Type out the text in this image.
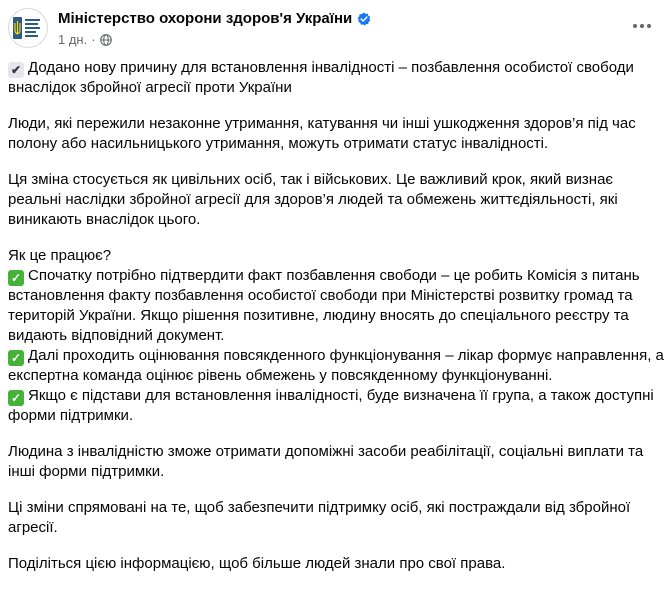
Міністерство охорони здоров'я України
1 дн. ·

✔ Додано нову причину для встановлення інвалідності – позбавлення особистої свободи внаслідок збройної агресії проти України

Люди, які пережили незаконне утримання, катування чи інші ушкодження здоров’я під час полону або насильницького утримання, можуть отримати статус інвалідності.

Ця зміна стосується як цивільних осіб, так і військових. Це важливий крок, який визнає реальні наслідки збройної агресії для здоров’я людей та обмежень життєдіяльності, які виникають внаслідок цього.

Як це працює?

✓ Спочатку потрібно підтвердити факт позбавлення свободи – це робить Комісія з питань встановлення факту позбавлення особистої свободи при Міністерстві розвитку громад та територій України. Якщо рішення позитивне, людину вносять до спеціального реєстру та видають відповідний документ.

✓ Далі проходить оцінювання повсякденного функціонування – лікар формує направлення, а експертна команда оцінює рівень обмежень у повсякденному функціонуванні.

✓ Якщо є підстави для встановлення інвалідності, буде визначена її група, а також доступні форми підтримки.

Людина з інвалідністю зможе отримати допоміжні засоби реабілітації, соціальні виплати та інші форми підтримки.

Ці зміни спрямовані на те, щоб забезпечити підтримку осіб, які постраждали від збройної агресії.

Поділіться цією інформацією, щоб більше людей знали про свої права.
